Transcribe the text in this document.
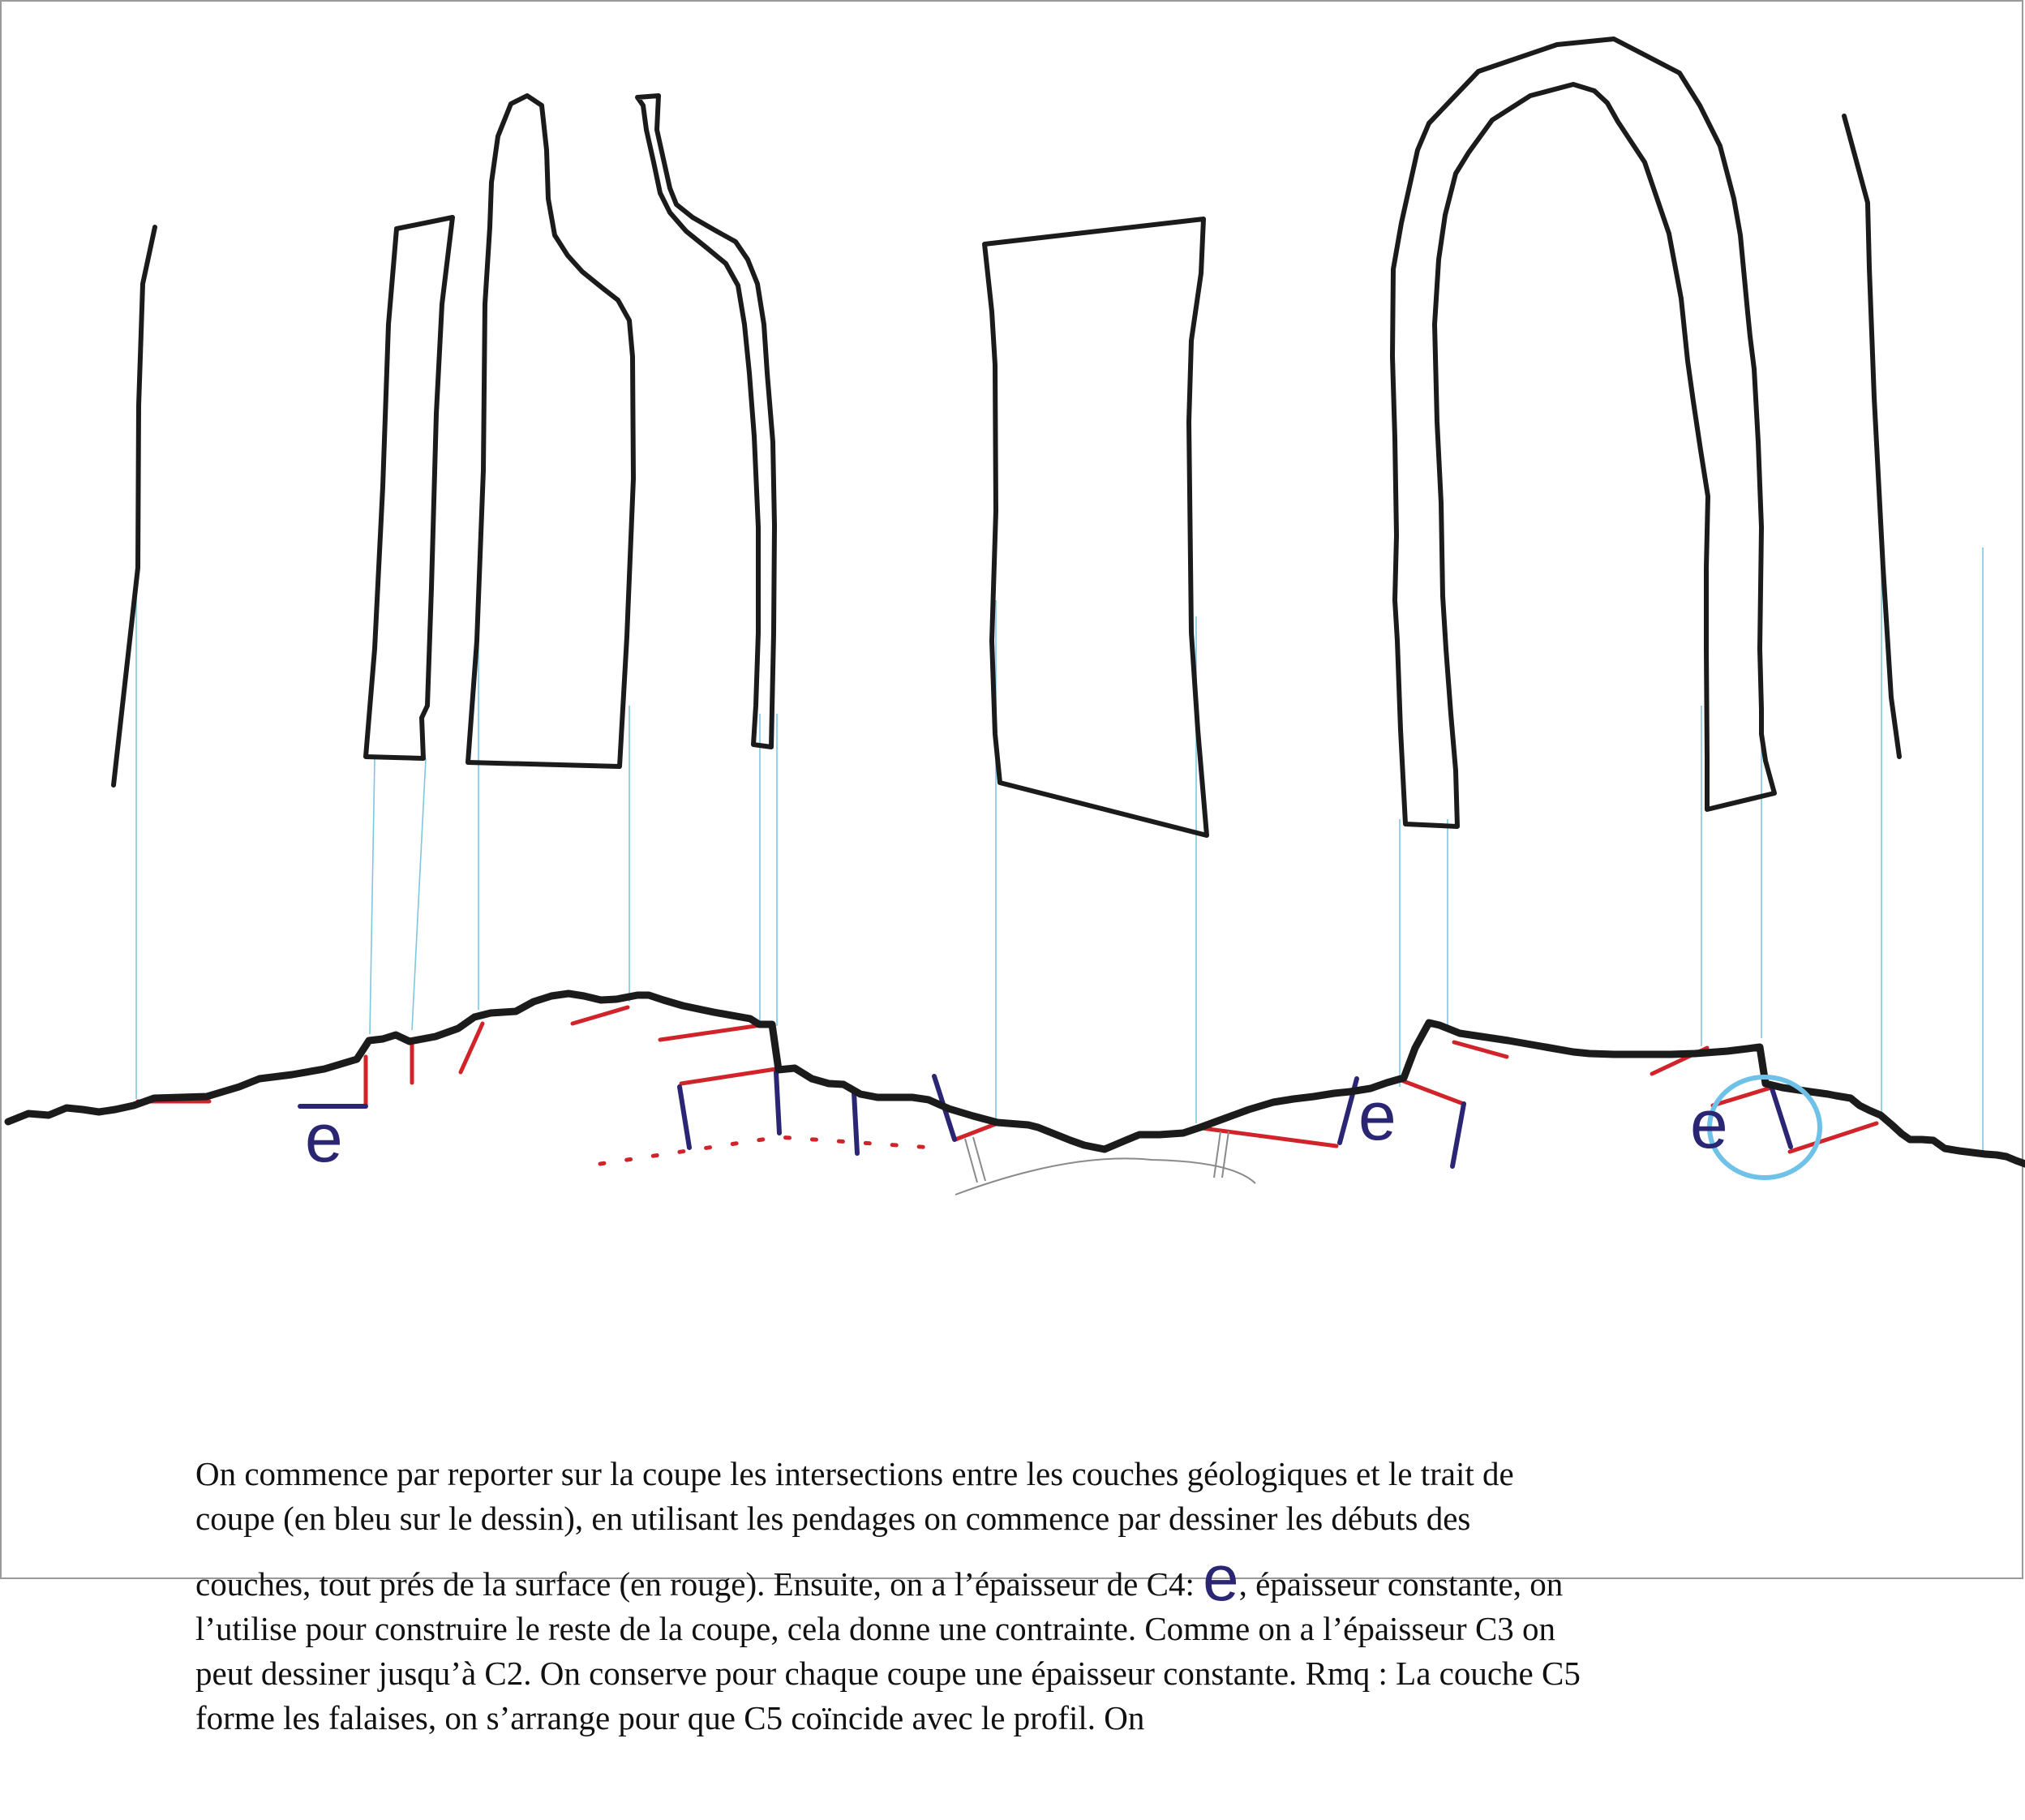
e	e	e
On commence par reporter sur la coupe les intersections entre les couches géologiques et le trait de
coupe (en bleu sur le dessin), en utilisant les pendages on commence par dessiner les débuts des
couches, tout prés de la surface (en rouge). Ensuite, on a l’épaisseur de C4: e, épaisseur constante, on
l’utilise pour construire le reste de la coupe, cela donne une contrainte. Comme on a l’épaisseur C3 on
peut dessiner jusqu’à C2. On conserve pour chaque coupe une épaisseur constante. Rmq : La couche C5
forme les falaises, on s’arrange pour que C5 coïncide avec le profil. On
